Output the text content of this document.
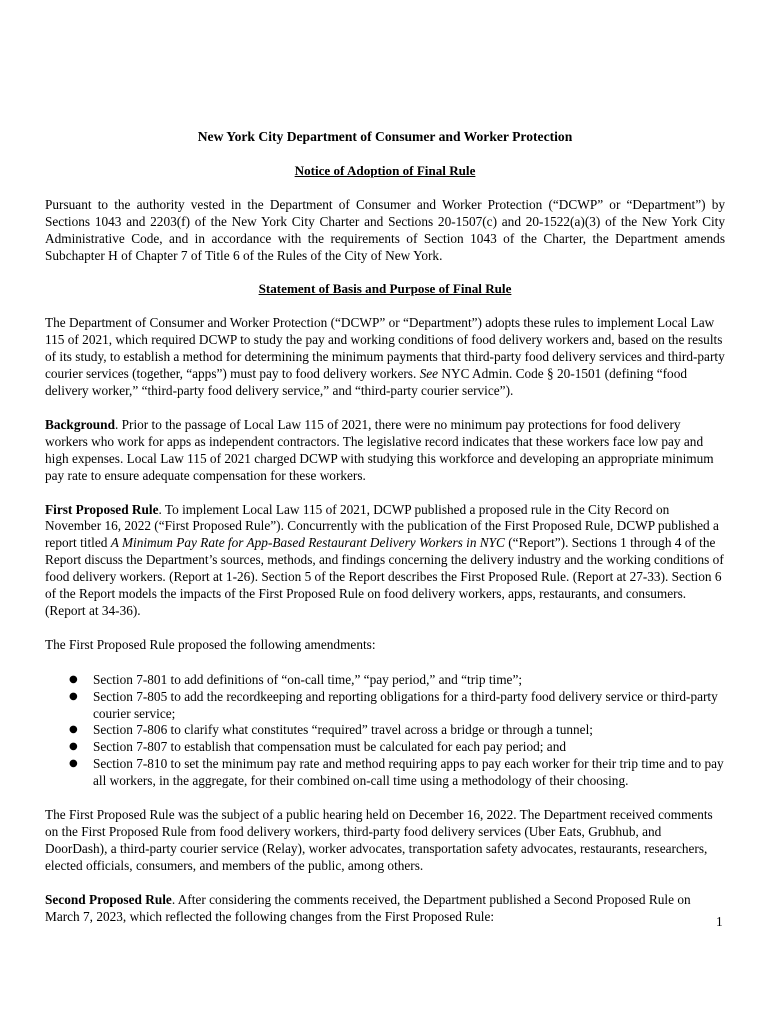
New York City Department of Consumer and Worker Protection

Notice of Adoption of Final Rule

Pursuant to the authority vested in the Department of Consumer and Worker Protection (“DCWP” or “Department”) by Sections 1043 and 2203(f) of the New York City Charter and Sections 20-1507(c) and 20-1522(a)(3) of the New York City Administrative Code, and in accordance with the requirements of Section 1043 of the Charter, the Department amends Subchapter H of Chapter 7 of Title 6 of the Rules of the City of New York.

Statement of Basis and Purpose of Final Rule

The Department of Consumer and Worker Protection (“DCWP” or “Department”) adopts these rules to implement Local Law 115 of 2021, which required DCWP to study the pay and working conditions of food delivery workers and, based on the results of its study, to establish a method for determining the minimum payments that third-party food delivery services and third-party courier services (together, “apps”) must pay to food delivery workers. See NYC Admin. Code § 20-1501 (defining “food delivery worker,” “third-party food delivery service,” and “third-party courier service”).

Background. Prior to the passage of Local Law 115 of 2021, there were no minimum pay protections for food delivery workers who work for apps as independent contractors. The legislative record indicates that these workers face low pay and high expenses. Local Law 115 of 2021 charged DCWP with studying this workforce and developing an appropriate minimum pay rate to ensure adequate compensation for these workers.

First Proposed Rule. To implement Local Law 115 of 2021, DCWP published a proposed rule in the City Record on November 16, 2022 (“First Proposed Rule”). Concurrently with the publication of the First Proposed Rule, DCWP published a report titled A Minimum Pay Rate for App-Based Restaurant Delivery Workers in NYC (“Report”). Sections 1 through 4 of the Report discuss the Department’s sources, methods, and findings concerning the delivery industry and the working conditions of food delivery workers. (Report at 1-26). Section 5 of the Report describes the First Proposed Rule. (Report at 27-33). Section 6 of the Report models the impacts of the First Proposed Rule on food delivery workers, apps, restaurants, and consumers. (Report at 34-36).

The First Proposed Rule proposed the following amendments:

● Section 7-801 to add definitions of “on-call time,” “pay period,” and “trip time”;
● Section 7-805 to add the recordkeeping and reporting obligations for a third-party food delivery service or third-party courier service;
● Section 7-806 to clarify what constitutes “required” travel across a bridge or through a tunnel;
● Section 7-807 to establish that compensation must be calculated for each pay period; and
● Section 7-810 to set the minimum pay rate and method requiring apps to pay each worker for their trip time and to pay all workers, in the aggregate, for their combined on-call time using a methodology of their choosing.

The First Proposed Rule was the subject of a public hearing held on December 16, 2022. The Department received comments on the First Proposed Rule from food delivery workers, third-party food delivery services (Uber Eats, Grubhub, and DoorDash), a third-party courier service (Relay), worker advocates, transportation safety advocates, restaurants, researchers, elected officials, consumers, and members of the public, among others.

Second Proposed Rule. After considering the comments received, the Department published a Second Proposed Rule on March 7, 2023, which reflected the following changes from the First Proposed Rule:	1
